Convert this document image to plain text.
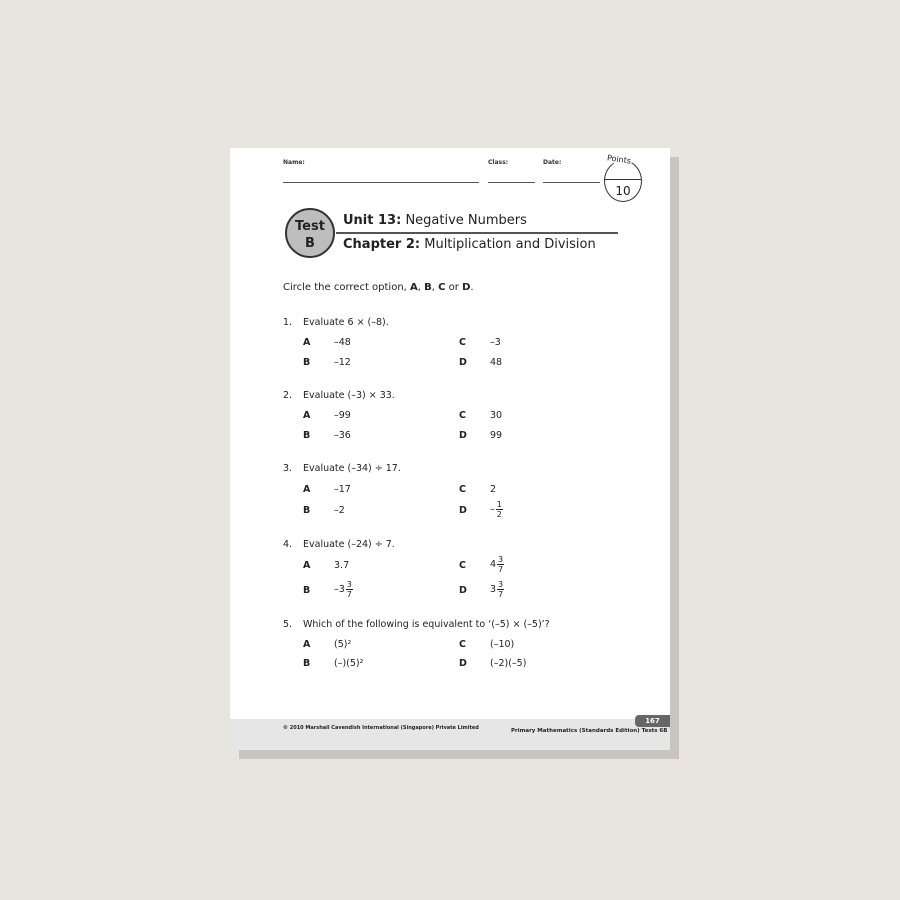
Name:	Class:	Date:	Points
10
Test
B
Unit 13: Negative Numbers
Chapter 2: Multiplication and Division
Circle the correct option, A, B, C or D.
1. Evaluate 6 × (–8).
A –48	C	–3
B	–12	D 48
2. Evaluate (–3) × 33.
A –99	C	30
B	–36	D 99
3. Evaluate (–34) ÷ 17.
A –17	C	2
B	–2	D – $\frac{1}{2}$
4. Evaluate (–24) ÷ 7.
A 3.7	C	$4 \frac{3}{7}$
B	$-3 \frac{3}{7}$	D $3 \frac{3}{7}$
5. Which of the following is equivalent to ‘(–5) × (–5)’?
A (5)²	C	(–10)
B	(–)(5)²	D (–2)(–5)
© 2010 Marshall Cavendish International (Singapore) Private Limited	Primary Mathematics (Standards Edition) Tests 6B
167
